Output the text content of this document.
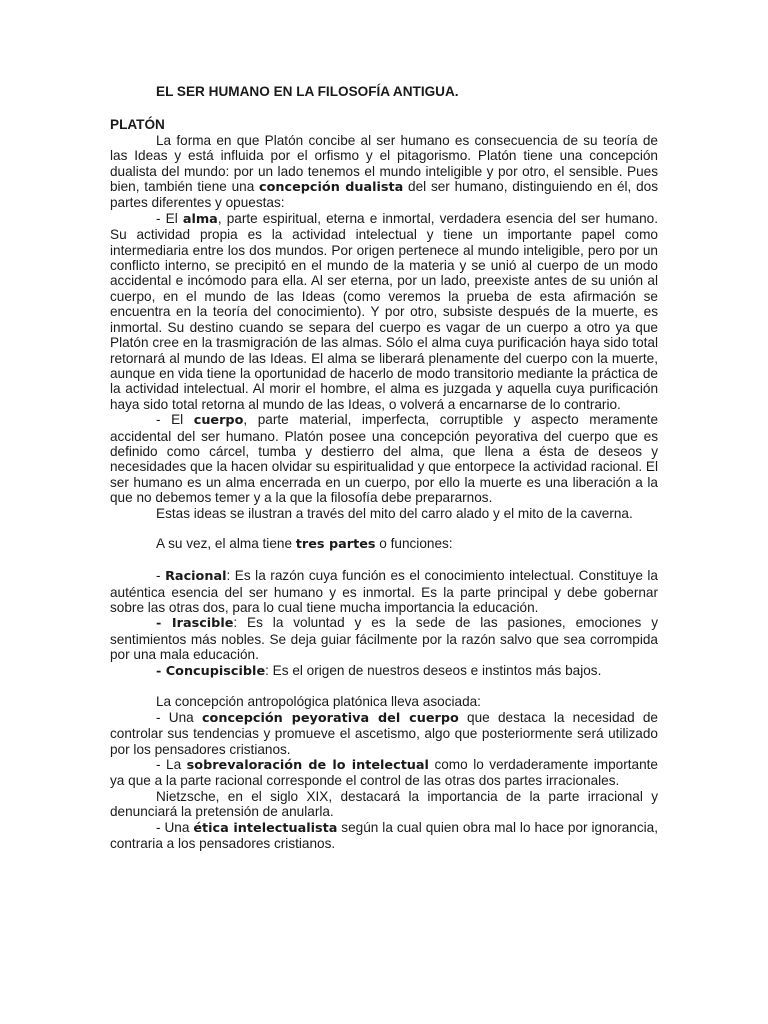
EL SER HUMANO EN LA FILOSOFÍA ANTIGUA.
PLATÓN

La forma en que Platón concibe al ser humano es consecuencia de su teoría de las Ideas y está influida por el orfismo y el pitagorismo. Platón tiene una concepción dualista del mundo: por un lado tenemos el mundo inteligible y por otro, el sensible. Pues bien, también tiene una concepción dualista del ser humano, distinguiendo en él, dos partes diferentes y opuestas:

- El alma, parte espiritual, eterna e inmortal, verdadera esencia del ser humano. Su actividad propia es la actividad intelectual y tiene un importante papel como intermediaria entre los dos mundos. Por origen pertenece al mundo inteligible, pero por un conflicto interno, se precipitó en el mundo de la materia y se unió al cuerpo de un modo accidental e incómodo para ella. Al ser eterna, por un lado, preexiste antes de su unión al cuerpo, en el mundo de las Ideas (como veremos la prueba de esta afirmación se encuentra en la teoría del conocimiento). Y por otro, subsiste después de la muerte, es inmortal. Su destino cuando se separa del cuerpo es vagar de un cuerpo a otro ya que Platón cree en la trasmigración de las almas. Sólo el alma cuya purificación haya sido total retornará al mundo de las Ideas. El alma se liberará plenamente del cuerpo con la muerte, aunque en vida tiene la oportunidad de hacerlo de modo transitorio mediante la práctica de la actividad intelectual. Al morir el hombre, el alma es juzgada y aquella cuya purificación haya sido total retorna al mundo de las Ideas, o volverá a encarnarse de lo contrario.

- El cuerpo, parte material, imperfecta, corruptible y aspecto meramente accidental del ser humano. Platón posee una concepción peyorativa del cuerpo que es definido como cárcel, tumba y destierro del alma, que llena a ésta de deseos y necesidades que la hacen olvidar su espiritualidad y que entorpece la actividad racional. El ser humano es un alma encerrada en un cuerpo, por ello la muerte es una liberación a la que no debemos temer y a la que la filosofía debe prepararnos.

Estas ideas se ilustran a través del mito del carro alado y el mito de la caverna.

A su vez, el alma tiene tres partes o funciones:

- Racional: Es la razón cuya función es el conocimiento intelectual. Constituye la auténtica esencia del ser humano y es inmortal. Es la parte principal y debe gobernar sobre las otras dos, para lo cual tiene mucha importancia la educación.

- Irascible: Es la voluntad y es la sede de las pasiones, emociones y sentimientos más nobles. Se deja guiar fácilmente por la razón salvo que sea corrompida por una mala educación.

- Concupiscible: Es el origen de nuestros deseos e instintos más bajos.

La concepción antropológica platónica lleva asociada:

- Una concepción peyorativa del cuerpo que destaca la necesidad de controlar sus tendencias y promueve el ascetismo, algo que posteriormente será utilizado por los pensadores cristianos.

- La sobrevaloración de lo intelectual como lo verdaderamente importante ya que a la parte racional corresponde el control de las otras dos partes irracionales.

Nietzsche, en el siglo XIX, destacará la importancia de la parte irracional y denunciará la pretensión de anularla.

- Una ética intelectualista según la cual quien obra mal lo hace por ignorancia, contraria a los pensadores cristianos.
